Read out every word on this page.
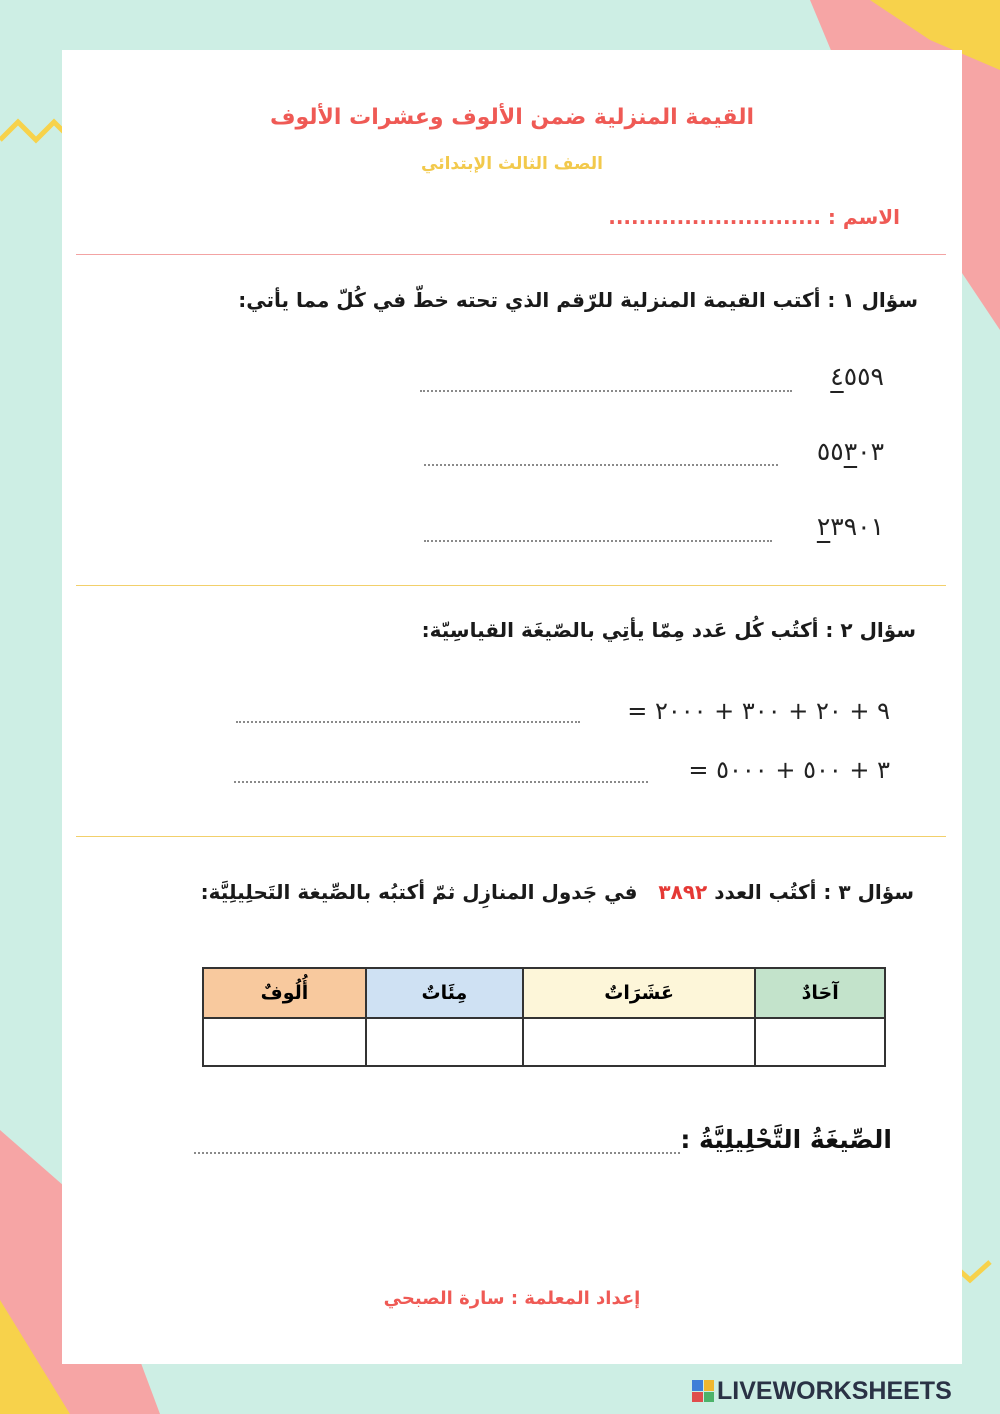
القيمة المنزلية ضمن الألوف وعشرات الألوف
الصف الثالث الإبتدائي
الاسم : ............................
سؤال ١ : أكتب القيمة المنزلية للرّقم الذي تحته خطّ في كُلّ مما يأتي:
٤٥٥٩
٥٥٣٠٣
٢٣٩٠١
سؤال ٢ : أكتُب كُل عَدد مِمّا يأتِي بالصّيغَة القياسِيّة:
٩ + ٢٠ + ٣٠٠ + ٢٠٠٠ =
٣ + ٥٠٠ + ٥٠٠٠ =
سؤال ٣ : أكتُب العدد ٣٨٩٢   في جَدول المنازِل ثمّ أكتبُه بالصِّيغة التَحلِيلِيَّة:
آحَادٌ	عَشَرَاتٌ	مِئَاتٌ	أُلُوفٌ

الصِّيغَةُ التَّحْلِيلِيَّةُ :
إعداد المعلمة : سارة الصبحي
LIVEWORKSHEETS
